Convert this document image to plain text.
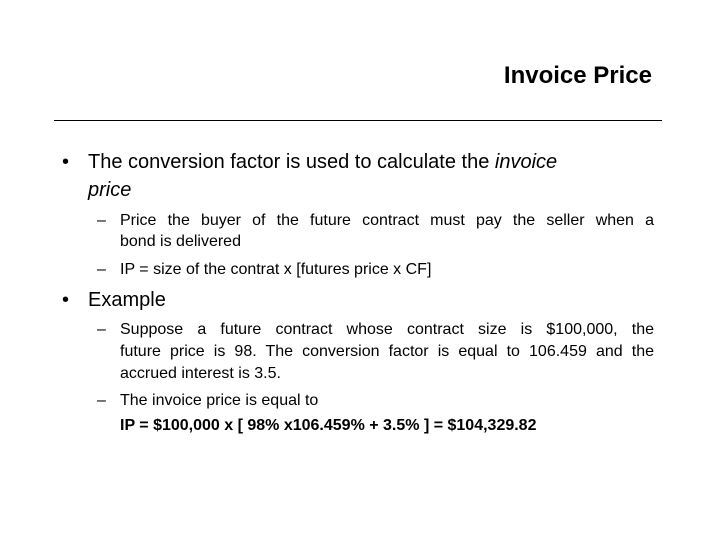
Invoice Price
• The conversion factor is used to calculate the invoice
price
– Price the buyer of the future contract must pay the seller when a
bond is delivered
– IP = size of the contrat x [futures price x CF]
• Example
– Suppose a future contract whose contract size is $100,000, the
future price is 98. The conversion factor is equal to 106.459 and the
accrued interest is 3.5.
– The invoice price is equal to
IP = $100,000 x [ 98% x106.459% + 3.5% ] = $104,329.82
